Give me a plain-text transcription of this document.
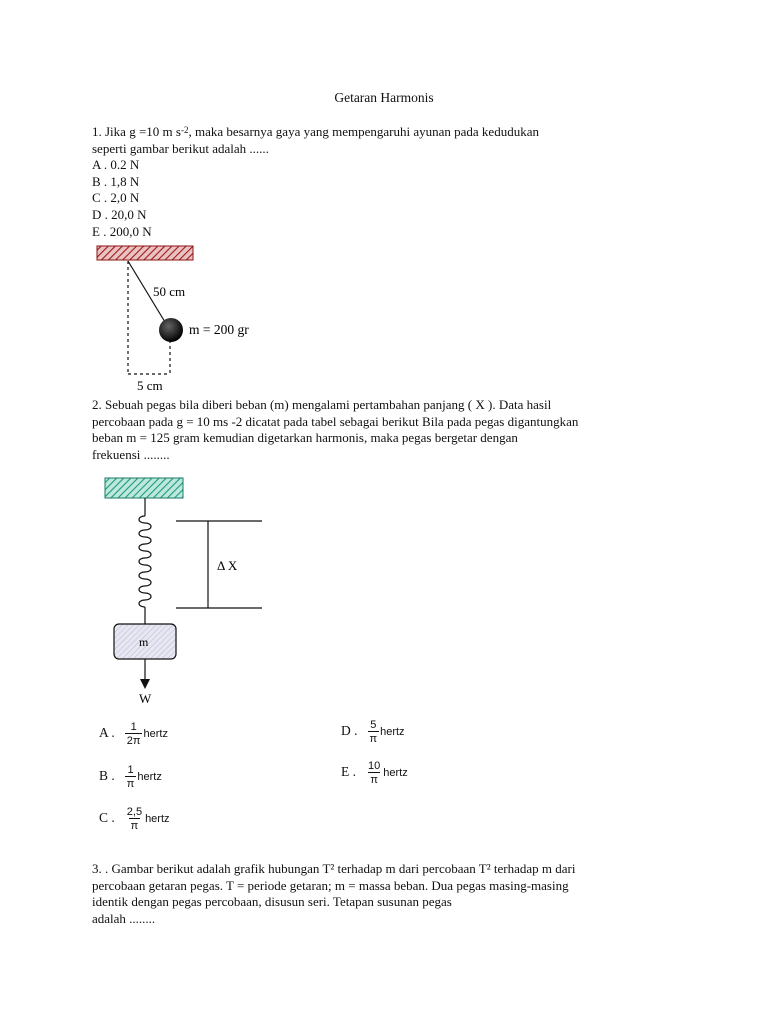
Getaran Harmonis
1. Jika g =10 m $s^{-2}$, maka besarnya gaya yang mempengaruhi ayunan pada kedudukan
seperti gambar berikut adalah ......
A . 0.2 N
B . 1,8 N
C . 2,0 N
D . 20,0 N
E . 200,0 N
50 cm
m = 200 gr
5 cm
m
W
Δ X
2. Sebuah pegas bila diberi beban (m) mengalami pertambahan panjang ( X ). Data hasil
percobaan pada g = 10 ms -2 dicatat pada tabel sebagai berikut Bila pada pegas digantungkan
beban m = 125 gram kemudian digetarkan harmonis, maka pegas bergetar dengan
frekuensi ........
A . $\frac{1}{2\pi}$ hertz
B . $\frac{1}{\pi}$ hertz
C . $\frac{2,5}{\pi}$ hertz
D . $\frac{5}{\pi}$ hertz
E . $\frac{10}{\pi}$ hertz
3. . Gambar berikut adalah grafik hubungan T² terhadap m dari percobaan T² terhadap m dari
percobaan getaran pegas. T = periode getaran; m = massa beban. Dua pegas masing-masing
identik dengan pegas percobaan, disusun seri. Tetapan susunan pegas
adalah ........
